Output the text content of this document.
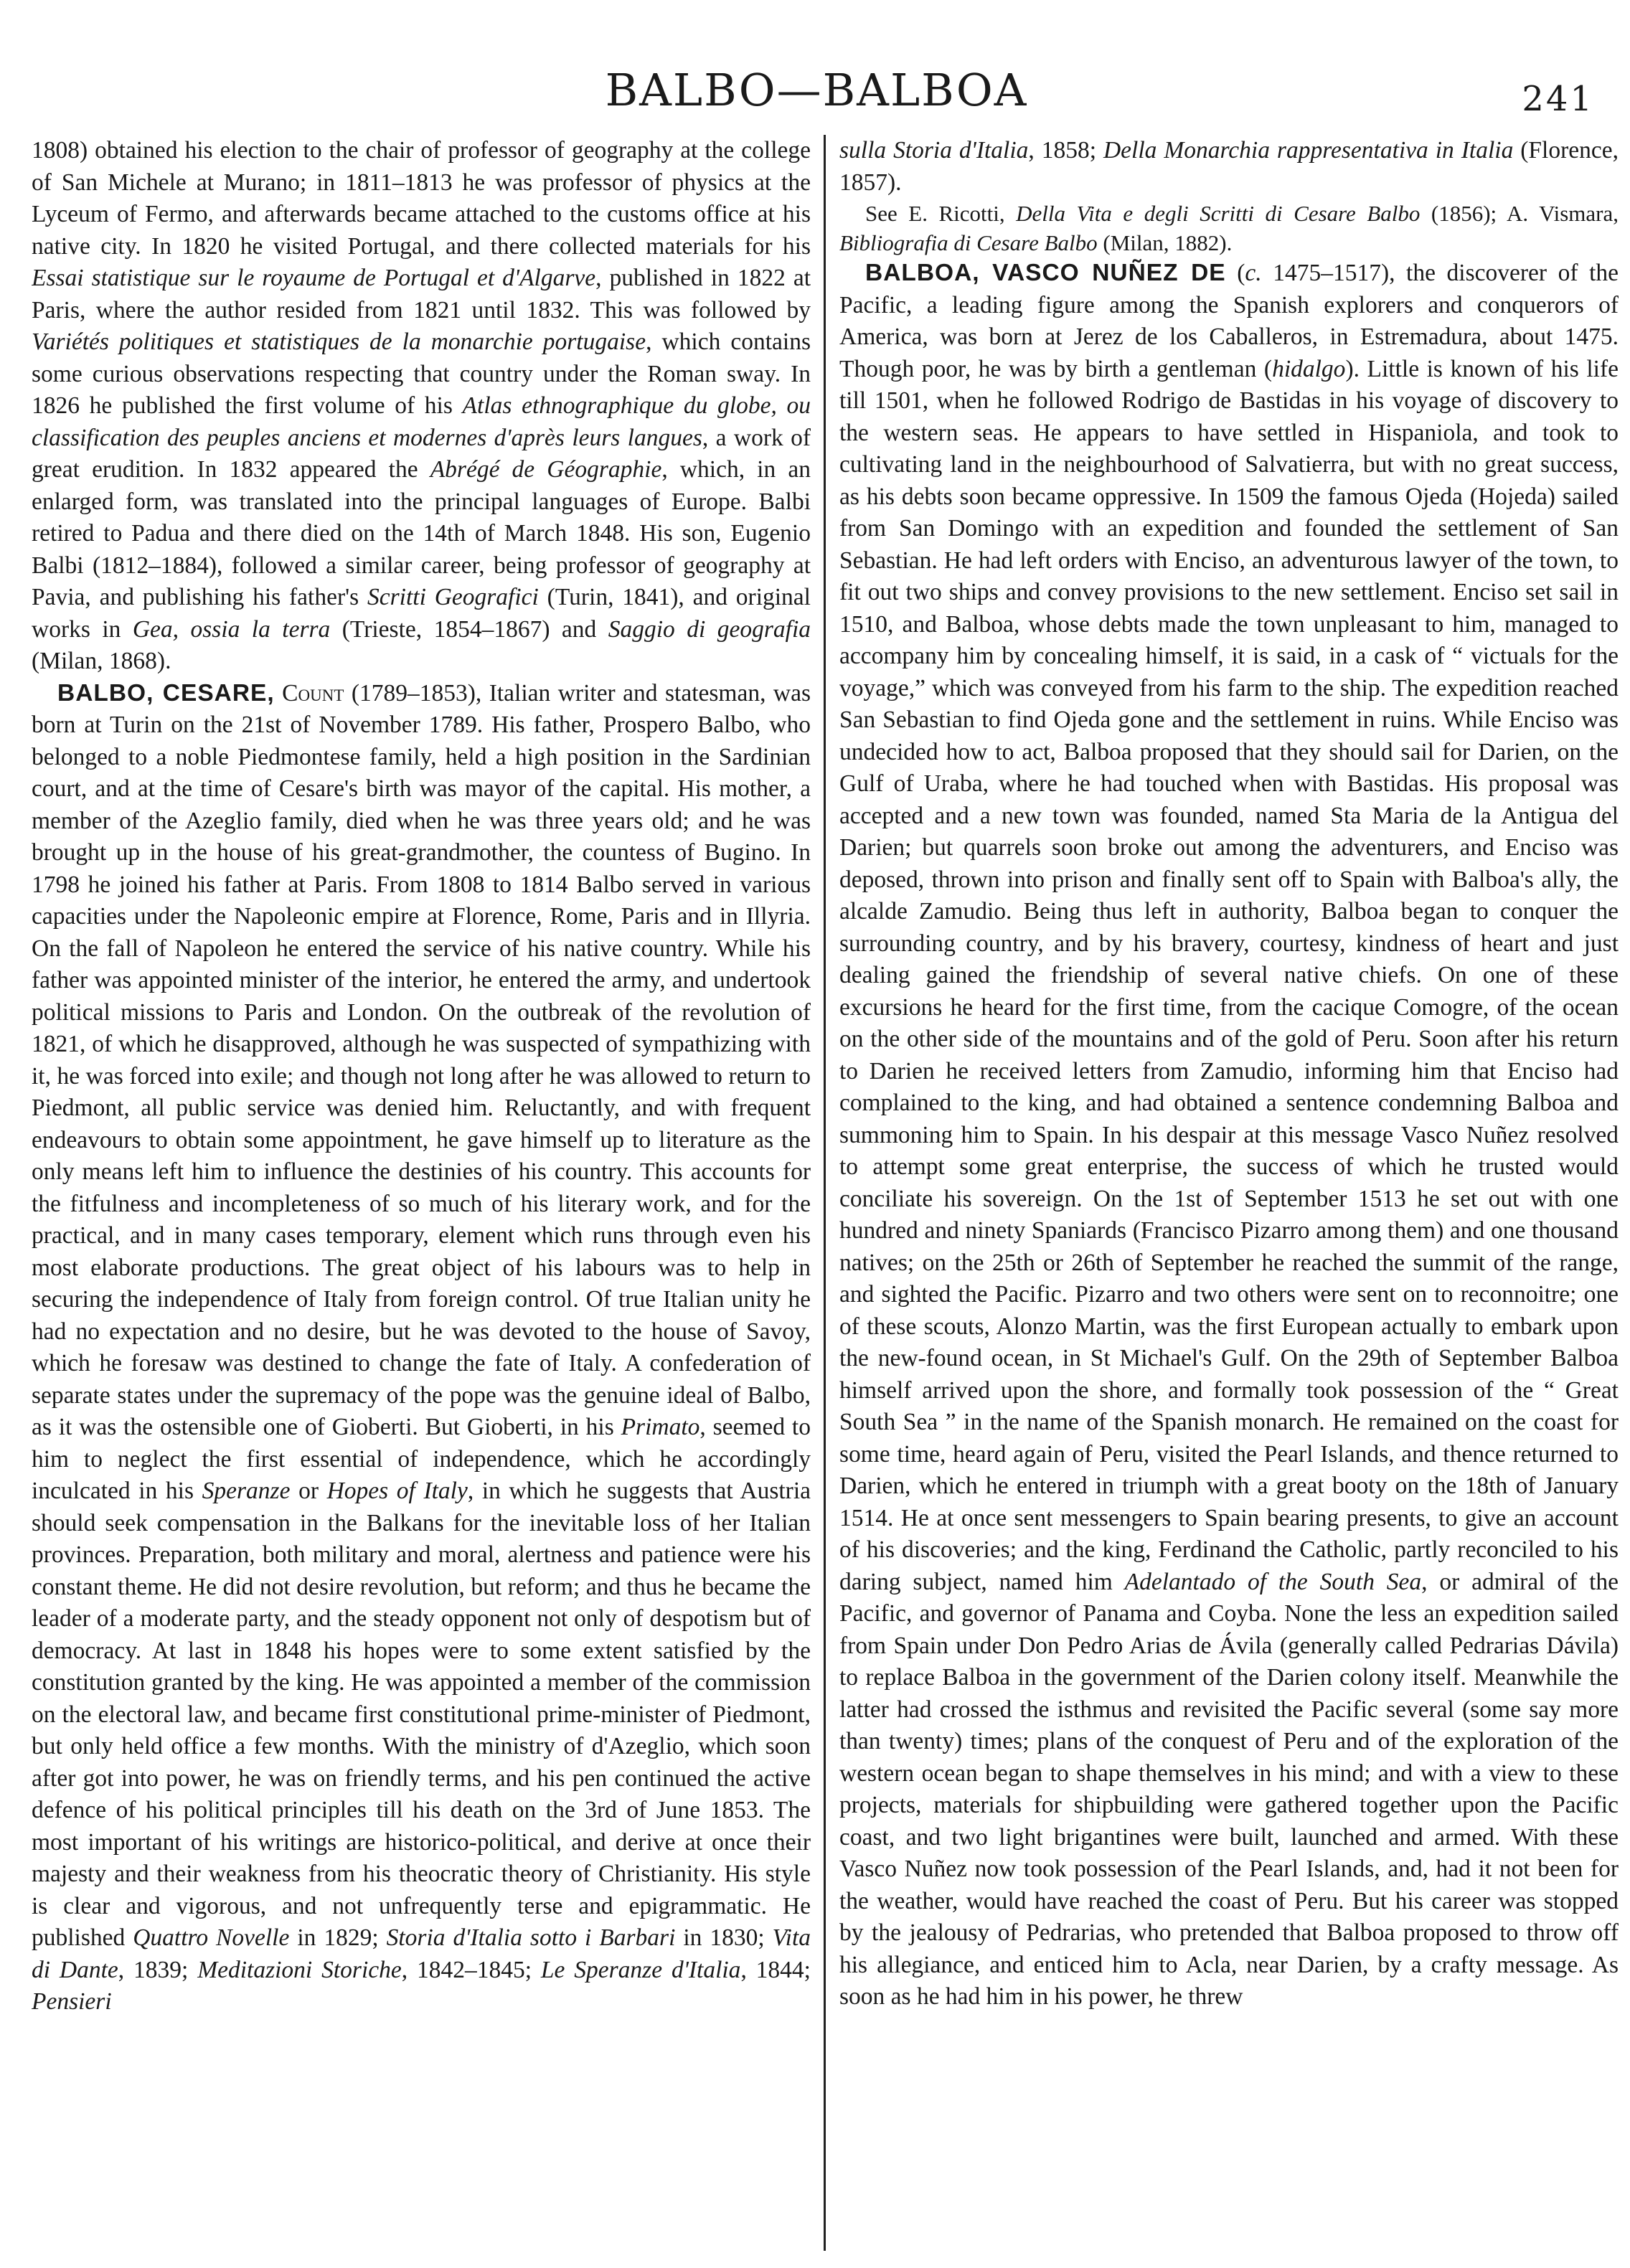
BALBO—BALBOA	241

1808) obtained his election to the chair of professor of geography at the college of San Michele at Murano; in 1811–1813 he was professor of physics at the Lyceum of Fermo, and afterwards became attached to the customs office at his native city. In 1820 he visited Portugal, and there collected materials for his Essai statistique sur le royaume de Portugal et d'Algarve, published in 1822 at Paris, where the author resided from 1821 until 1832. This was followed by Variétés politiques et statistiques de la monarchie portugaise, which contains some curious observations respecting that country under the Roman sway. In 1826 he published the first volume of his Atlas ethnographique du globe, ou classification des peuples anciens et modernes d'après leurs langues, a work of great erudition. In 1832 appeared the Abrégé de Géographie, which, in an enlarged form, was translated into the principal languages of Europe. Balbi retired to Padua and there died on the 14th of March 1848. His son, Eugenio Balbi (1812–1884), followed a similar career, being professor of geography at Pavia, and publishing his father's Scritti Geografici (Turin, 1841), and original works in Gea, ossia la terra (Trieste, 1854–1867) and Saggio di geografia (Milan, 1868).

BALBO, CESARE, Count (1789–1853), Italian writer and statesman, was born at Turin on the 21st of November 1789. His father, Prospero Balbo, who belonged to a noble Piedmontese family, held a high position in the Sardinian court, and at the time of Cesare's birth was mayor of the capital. His mother, a member of the Azeglio family, died when he was three years old; and he was brought up in the house of his great-grandmother, the countess of Bugino. In 1798 he joined his father at Paris. From 1808 to 1814 Balbo served in various capacities under the Napoleonic empire at Florence, Rome, Paris and in Illyria. On the fall of Napoleon he entered the service of his native country. While his father was appointed minister of the interior, he entered the army, and undertook political missions to Paris and London. On the outbreak of the revolution of 1821, of which he disapproved, although he was suspected of sympathizing with it, he was forced into exile; and though not long after he was allowed to return to Piedmont, all public service was denied him. Reluctantly, and with frequent endeavours to obtain some appointment, he gave himself up to literature as the only means left him to influence the destinies of his country. This accounts for the fitfulness and incompleteness of so much of his literary work, and for the practical, and in many cases temporary, element which runs through even his most elaborate productions. The great object of his labours was to help in securing the independence of Italy from foreign control. Of true Italian unity he had no expectation and no desire, but he was devoted to the house of Savoy, which he foresaw was destined to change the fate of Italy. A confederation of separate states under the supremacy of the pope was the genuine ideal of Balbo, as it was the ostensible one of Gioberti. But Gioberti, in his Primato, seemed to him to neglect the first essential of independence, which he accordingly inculcated in his Speranze or Hopes of Italy, in which he suggests that Austria should seek compensation in the Balkans for the inevitable loss of her Italian provinces. Preparation, both military and moral, alertness and patience were his constant theme. He did not desire revolution, but reform; and thus he became the leader of a moderate party, and the steady opponent not only of despotism but of democracy. At last in 1848 his hopes were to some extent satisfied by the constitution granted by the king. He was appointed a member of the commission on the electoral law, and became first constitutional prime-minister of Piedmont, but only held office a few months. With the ministry of d'Azeglio, which soon after got into power, he was on friendly terms, and his pen continued the active defence of his political principles till his death on the 3rd of June 1853. The most important of his writings are historico-political, and derive at once their majesty and their weakness from his theocratic theory of Christianity. His style is clear and vigorous, and not unfrequently terse and epigrammatic. He published Quattro Novelle in 1829; Storia d'Italia sotto i Barbari in 1830; Vita di Dante, 1839; Meditazioni Storiche, 1842–1845; Le Speranze d'Italia, 1844; Pensieri

sulla Storia d'Italia, 1858; Della Monarchia rappresentativa in Italia (Florence, 1857).

See E. Ricotti, Della Vita e degli Scritti di Cesare Balbo (1856); A. Vismara, Bibliografia di Cesare Balbo (Milan, 1882).

BALBOA, VASCO NUÑEZ DE (c. 1475–1517), the discoverer of the Pacific, a leading figure among the Spanish explorers and conquerors of America, was born at Jerez de los Caballeros, in Estremadura, about 1475. Though poor, he was by birth a gentleman (hidalgo). Little is known of his life till 1501, when he followed Rodrigo de Bastidas in his voyage of discovery to the western seas. He appears to have settled in Hispaniola, and took to cultivating land in the neighbourhood of Salvatierra, but with no great success, as his debts soon became oppressive. In 1509 the famous Ojeda (Hojeda) sailed from San Domingo with an expedition and founded the settlement of San Sebastian. He had left orders with Enciso, an adventurous lawyer of the town, to fit out two ships and convey provisions to the new settlement. Enciso set sail in 1510, and Balboa, whose debts made the town unpleasant to him, managed to accompany him by concealing himself, it is said, in a cask of “ victuals for the voyage,” which was conveyed from his farm to the ship. The expedition reached San Sebastian to find Ojeda gone and the settlement in ruins. While Enciso was undecided how to act, Balboa proposed that they should sail for Darien, on the Gulf of Uraba, where he had touched when with Bastidas. His proposal was accepted and a new town was founded, named Sta Maria de la Antigua del Darien; but quarrels soon broke out among the adventurers, and Enciso was deposed, thrown into prison and finally sent off to Spain with Balboa's ally, the alcalde Zamudio. Being thus left in authority, Balboa began to conquer the surrounding country, and by his bravery, courtesy, kindness of heart and just dealing gained the friendship of several native chiefs. On one of these excursions he heard for the first time, from the cacique Comogre, of the ocean on the other side of the mountains and of the gold of Peru. Soon after his return to Darien he received letters from Zamudio, informing him that Enciso had complained to the king, and had obtained a sentence condemning Balboa and summoning him to Spain. In his despair at this message Vasco Nuñez resolved to attempt some great enterprise, the success of which he trusted would conciliate his sovereign. On the 1st of September 1513 he set out with one hundred and ninety Spaniards (Francisco Pizarro among them) and one thousand natives; on the 25th or 26th of September he reached the summit of the range, and sighted the Pacific. Pizarro and two others were sent on to reconnoitre; one of these scouts, Alonzo Martin, was the first European actually to embark upon the new-found ocean, in St Michael's Gulf. On the 29th of September Balboa himself arrived upon the shore, and formally took possession of the “ Great South Sea ” in the name of the Spanish monarch. He remained on the coast for some time, heard again of Peru, visited the Pearl Islands, and thence returned to Darien, which he entered in triumph with a great booty on the 18th of January 1514. He at once sent messengers to Spain bearing presents, to give an account of his discoveries; and the king, Ferdinand the Catholic, partly reconciled to his daring subject, named him Adelantado of the South Sea, or admiral of the Pacific, and governor of Panama and Coyba. None the less an expedition sailed from Spain under Don Pedro Arias de Ávila (generally called Pedrarias Dávila) to replace Balboa in the government of the Darien colony itself. Meanwhile the latter had crossed the isthmus and revisited the Pacific several (some say more than twenty) times; plans of the conquest of Peru and of the exploration of the western ocean began to shape themselves in his mind; and with a view to these projects, materials for shipbuilding were gathered together upon the Pacific coast, and two light brigantines were built, launched and armed. With these Vasco Nuñez now took possession of the Pearl Islands, and, had it not been for the weather, would have reached the coast of Peru. But his career was stopped by the jealousy of Pedrarias, who pretended that Balboa proposed to throw off his allegiance, and enticed him to Acla, near Darien, by a crafty message. As soon as he had him in his power, he threw
